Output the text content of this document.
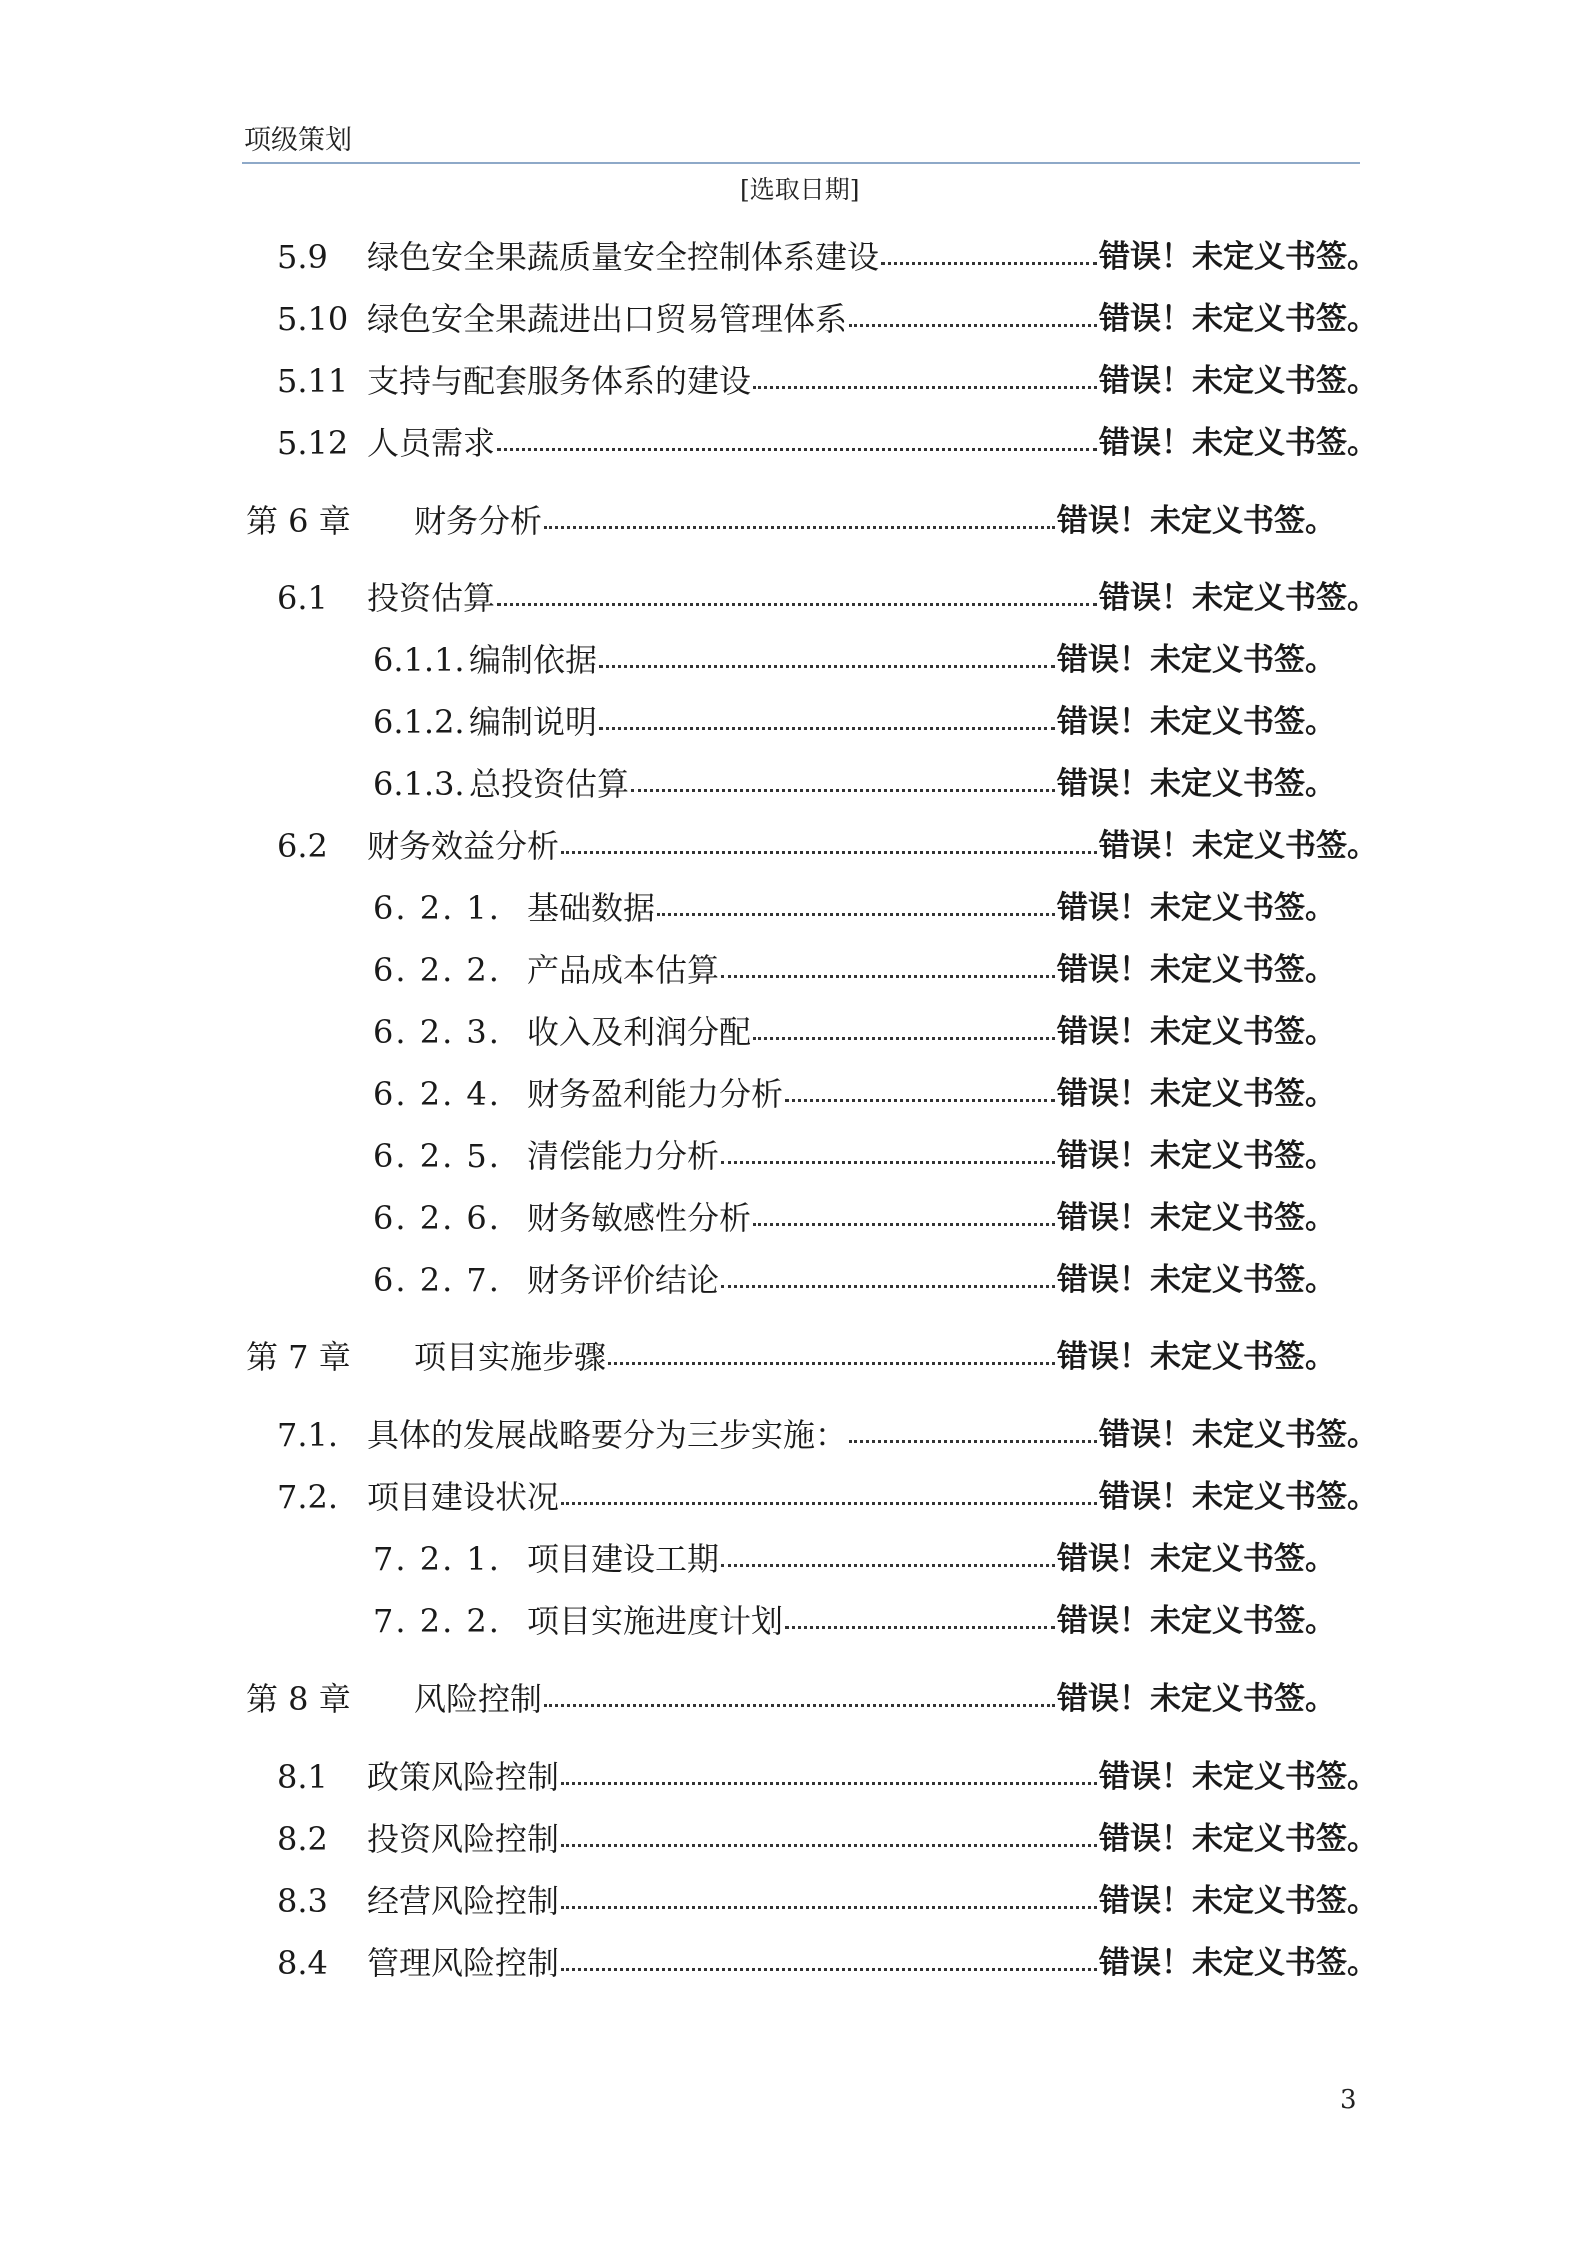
项级策划
[选取日期]
5.9	绿色安全果蔬质量安全控制体系建设	错误！未定义书签。
5.10 绿色安全果蔬进出口贸易管理体系	错误！未定义书签。
5.11 支持与配套服务体系的建设	错误！未定义书签。
5.12 人员需求	错误！未定义书签。
第 6 章	财务分析	错误！未定义书签。
6.1	投资估算	错误！未定义书签。
6.1.1. 编制依据	错误！未定义书签。
6.1.2. 编制说明	错误！未定义书签。
6.1.3. 总投资估算	错误！未定义书签。
6.2	财务效益分析	错误！未定义书签。
6. 2. 1. 基础数据	错误！未定义书签。
6. 2. 2. 产品成本估算	错误！未定义书签。
6. 2. 3. 收入及利润分配	错误！未定义书签。
6. 2. 4. 财务盈利能力分析	错误！未定义书签。
6. 2. 5. 清偿能力分析	错误！未定义书签。
6. 2. 6. 财务敏感性分析	错误！未定义书签。
6. 2. 7. 财务评价结论	错误！未定义书签。
第 7 章	项目实施步骤	错误！未定义书签。
7.1. 具体的发展战略要分为三步实施：	错误！未定义书签。
7.2. 项目建设状况	错误！未定义书签。
7. 2. 1. 项目建设工期	错误！未定义书签。
7. 2. 2. 项目实施进度计划	错误！未定义书签。
第 8 章	风险控制	错误！未定义书签。
8.1	政策风险控制	错误！未定义书签。
8.2	投资风险控制	错误！未定义书签。
8.3	经营风险控制	错误！未定义书签。
8.4	管理风险控制	错误！未定义书签。
3
